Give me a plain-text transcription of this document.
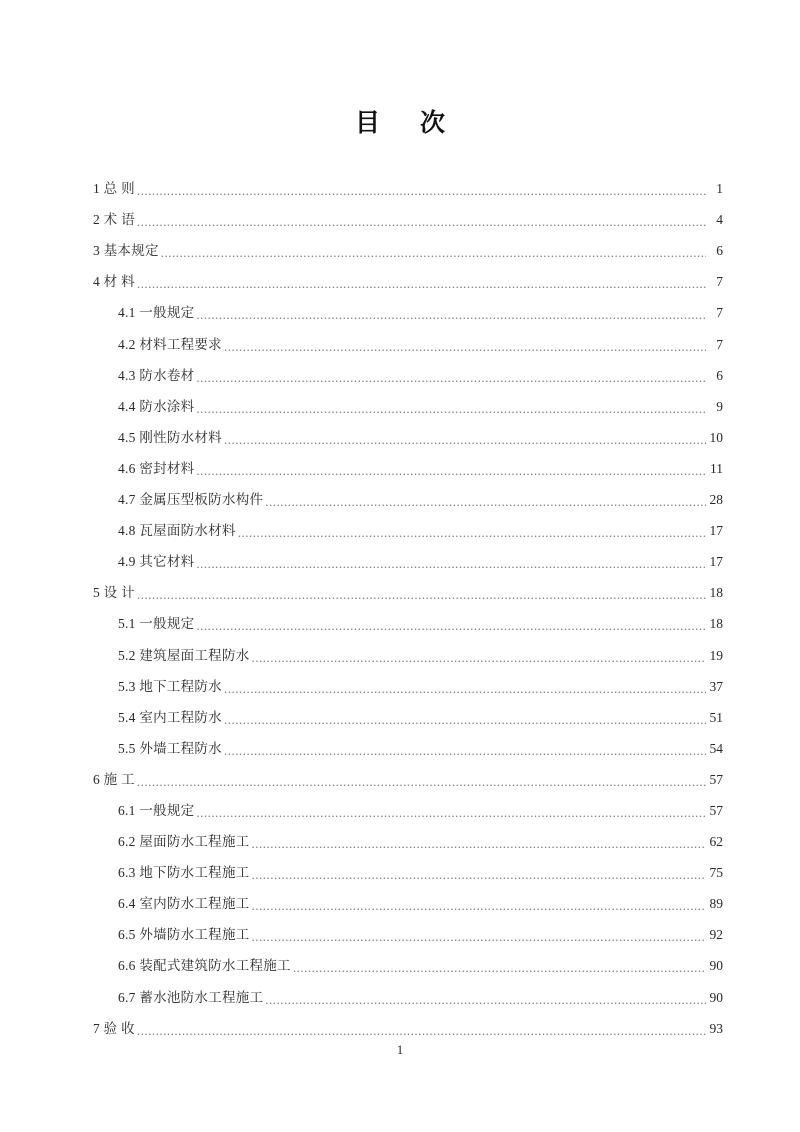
目　次
1 总 则 .....	1
2 术 语 .....	4
3 基本规定 .....	6
4 材 料 .....	7
4.1 一般规定 .....	7
4.2 材料工程要求 .....	7
4.3 防水卷材 .....	6
4.4 防水涂料 .....	9
4.5 刚性防水材料 .....	10
4.6 密封材料 .....	11
4.7 金属压型板防水构件 .....	28
4.8 瓦屋面防水材料 .....	17
4.9 其它材料 .....	17
5 设 计 .....	18
5.1 一般规定 .....	18
5.2 建筑屋面工程防水 .....	19
5.3 地下工程防水 .....	37
5.4 室内工程防水 .....	51
5.5 外墙工程防水 .....	54
6 施 工 .....	57
6.1 一般规定 .....	57
6.2 屋面防水工程施工 .....	62
6.3 地下防水工程施工 .....	75
6.4 室内防水工程施工 .....	89
6.5 外墙防水工程施工 .....	92
6.6 装配式建筑防水工程施工 .....	90
6.7 蓄水池防水工程施工 .....	90
7 验 收 .....	93
1
